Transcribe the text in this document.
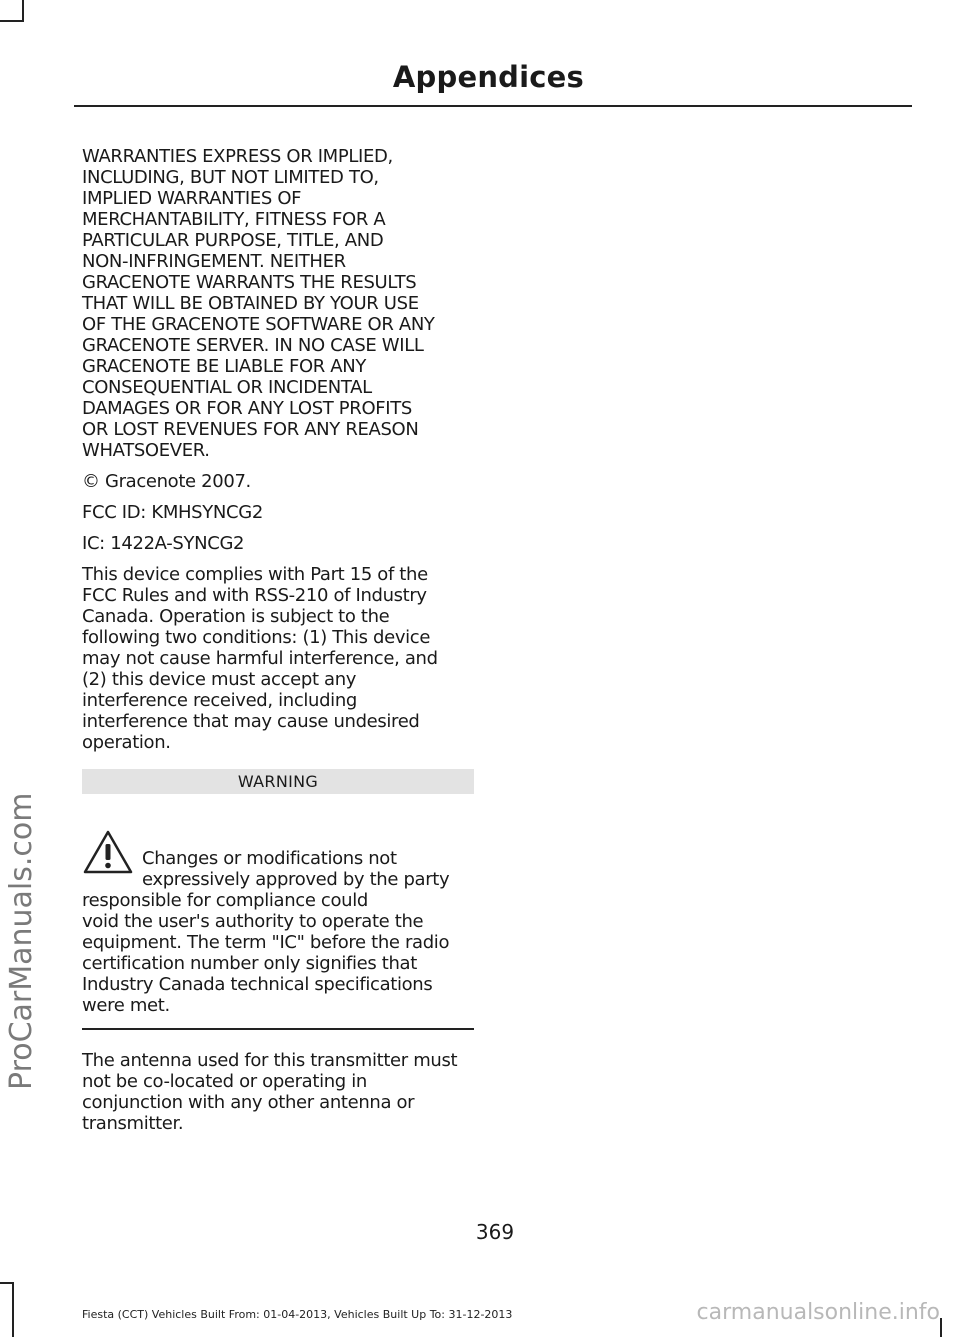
Appendices
ProCarManuals.com

WARRANTIES EXPRESS OR IMPLIED,
INCLUDING, BUT NOT LIMITED TO,
IMPLIED WARRANTIES OF
MERCHANTABILITY, FITNESS FOR A
PARTICULAR PURPOSE, TITLE, AND
NON-INFRINGEMENT. NEITHER
GRACENOTE WARRANTS THE RESULTS
THAT WILL BE OBTAINED BY YOUR USE
OF THE GRACENOTE SOFTWARE OR ANY
GRACENOTE SERVER. IN NO CASE WILL
GRACENOTE BE LIABLE FOR ANY
CONSEQUENTIAL OR INCIDENTAL
DAMAGES OR FOR ANY LOST PROFITS
OR LOST REVENUES FOR ANY REASON
WHATSOEVER.

© Gracenote 2007.

FCC ID: KMHSYNCG2

IC: 1422A-SYNCG2

This device complies with Part 15 of the
FCC Rules and with RSS-210 of Industry
Canada. Operation is subject to the
following two conditions: (1) This device
may not cause harmful interference, and
(2) this device must accept any
interference received, including
interference that may cause undesired
operation.

WARNING

Changes or modifications not
expressively approved by the party
responsible for compliance could
void the user's authority to operate the
equipment. The term "IC" before the radio
certification number only signifies that
Industry Canada technical specifications
were met.

The antenna used for this transmitter must
not be co-located or operating in
conjunction with any other antenna or
transmitter.

369
Fiesta (CCT) Vehicles Built From: 01-04-2013, Vehicles Built Up To: 31-12-2013	carmanualsonline.info
